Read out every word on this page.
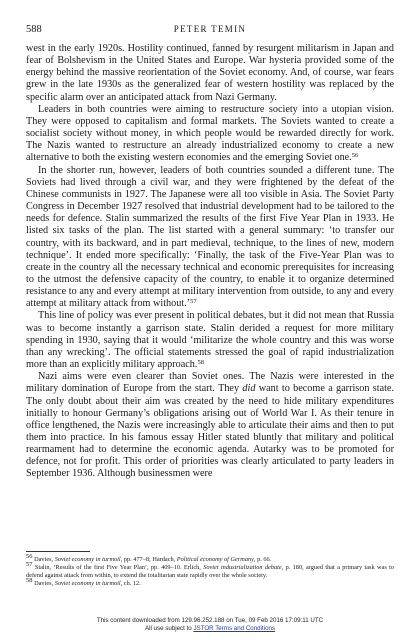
588	PETER TEMIN

west in the early 1920s. Hostility continued, fanned by resurgent militarism in Japan and fear of Bolshevism in the United States and Europe. War hysteria provided some of the energy behind the massive reorientation of the Soviet economy. And, of course, war fears grew in the late 1930s as the generalized fear of western hostility was replaced by the specific alarm over an anticipated attack from Nazi Germany.

Leaders in both countries were aiming to restructure society into a utopian vision. They were opposed to capitalism and formal markets. The Soviets wanted to create a socialist society without money, in which people would be rewarded directly for work. The Nazis wanted to restructure an already industrialized economy to create a new alternative to both the existing western economies and the emerging Soviet one.$^{56}$

In the shorter run, however, leaders of both countries sounded a different tune. The Soviets had lived through a civil war, and they were frightened by the defeat of the Chinese communists in 1927. The Japanese were all too visible in Asia. The Soviet Party Congress in December 1927 resolved that industrial development had to be tailored to the needs for defence. Stalin summarized the results of the first Five Year Plan in 1933. He listed six tasks of the plan. The list started with a general summary: ‘to transfer our country, with its backward, and in part medieval, technique, to the lines of new, modern technique’. It ended more specifically: ‘Finally, the task of the Five-Year Plan was to create in the country all the necessary technical and economic prerequisites for increasing to the utmost the defensive capacity of the country, to enable it to organize determined resistance to any and every attempt at military intervention from outside, to any and every attempt at military attack from without.’$^{57}$

This line of policy was ever present in political debates, but it did not mean that Russia was to become instantly a garrison state. Stalin derided a request for more military spending in 1930, saying that it would ‘militarize the whole country and this was worse than any wrecking’. The official statements stressed the goal of rapid industrialization more than an explicitly military approach.$^{58}$

Nazi aims were even clearer than Soviet ones. The Nazis were interested in the military domination of Europe from the start. They did want to become a garrison state. The only doubt about their aim was created by the need to hide military expenditures initially to honour Germany’s obligations arising out of World War I. As their tenure in office lengthened, the Nazis were increasingly able to articulate their aims and then to put them into practice. In his famous essay Hitler stated bluntly that military and political rearmament had to determine the economic agenda. Autarky was to be promoted for defence, not for profit. This order of priorities was clearly articulated to party leaders in September 1936. Although businessmen were

$^{56}$ Davies, Soviet economy in turmoil, pp. 477–8; Hardach, Political economy of Germany, p. 66.

$^{57}$ Stalin, ‘Results of the first Five Year Plan’, pp. 409–10. Erlich, Soviet industrialization debate, p. 180, argued that a primary task was to defend against attack from within, to extend the totalitarian state rapidly over the whole society.

$^{58}$ Davies, Soviet economy in turmoil, ch. 12.

This content downloaded from 129.96.252.188 on Tue, 09 Feb 2016 17:09:11 UTC
All use subject to JSTOR Terms and Conditions
